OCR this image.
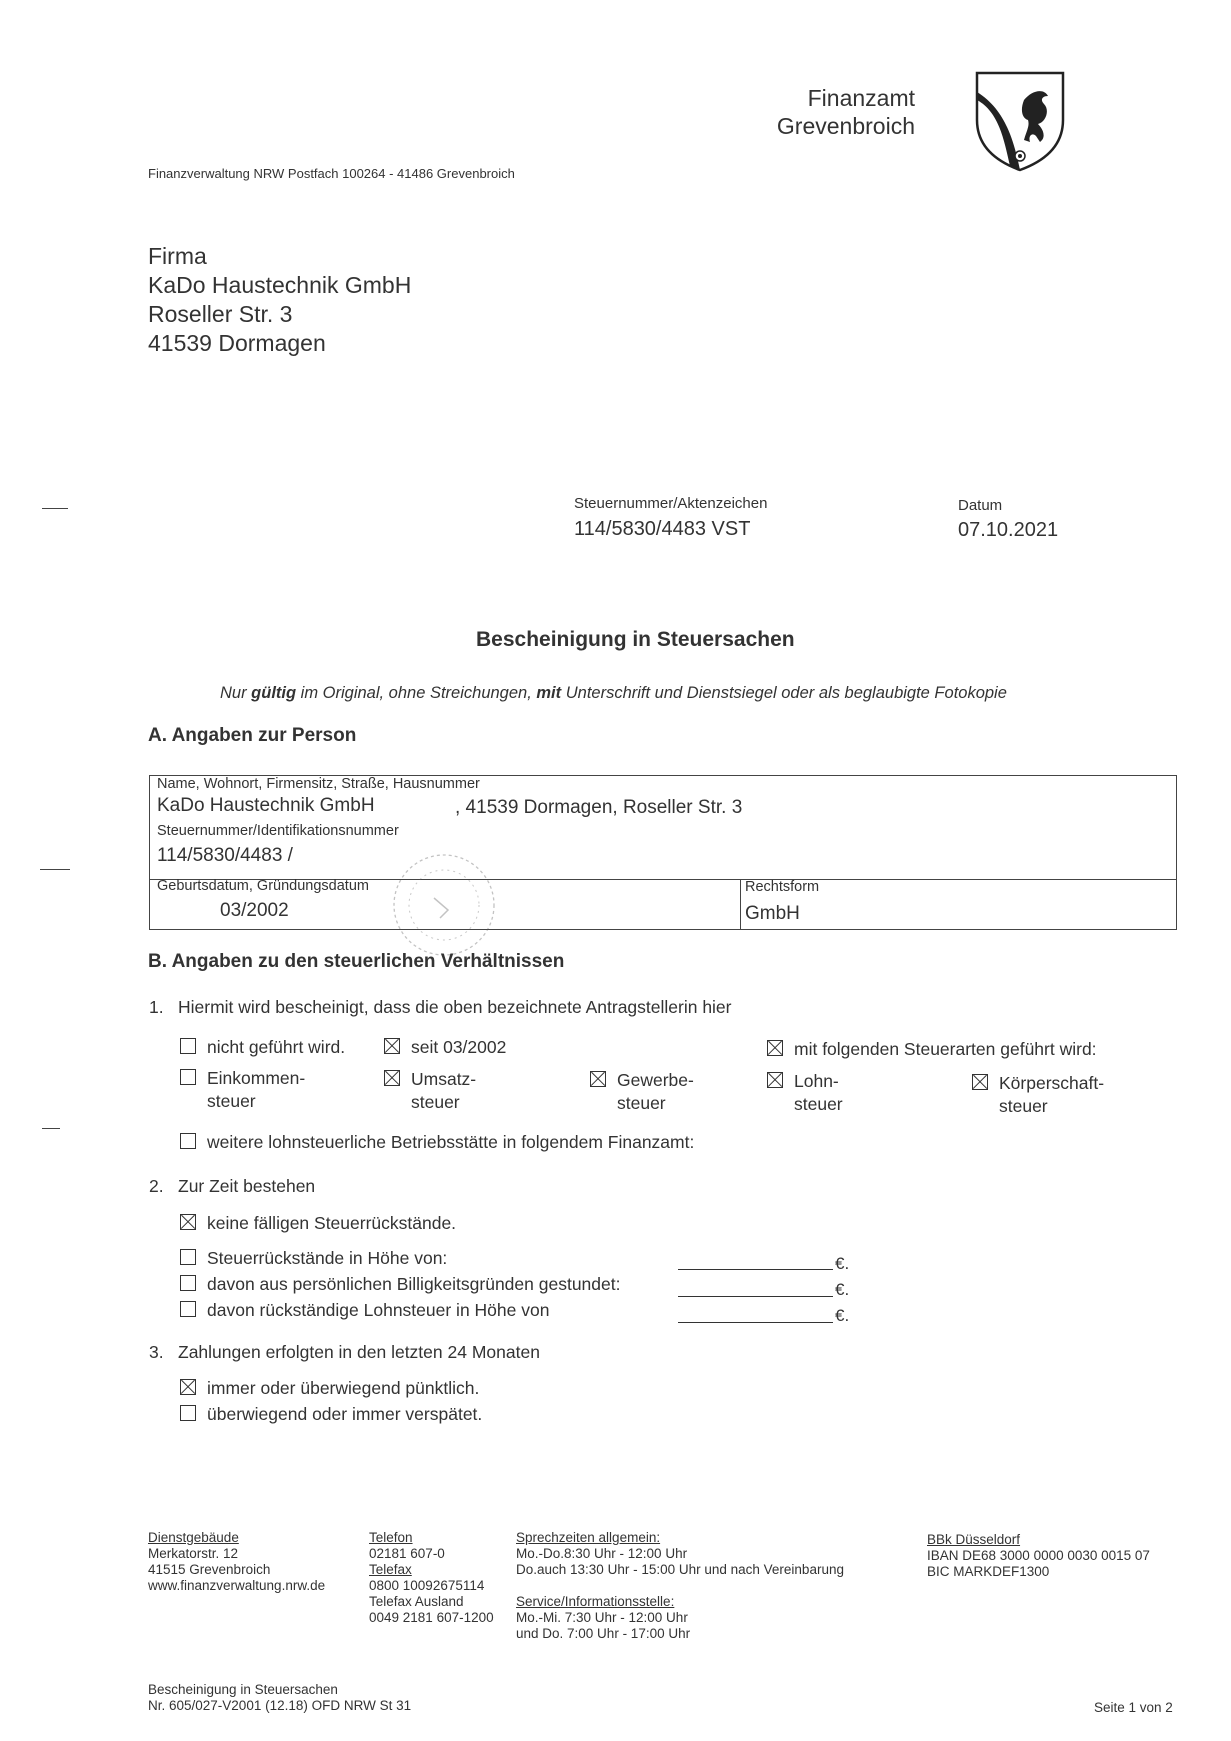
Finanzamt
Grevenbroich
Finanzverwaltung NRW Postfach 100264 - 41486 Grevenbroich
Firma
KaDo Haustechnik GmbH
Roseller Str. 3
41539 Dormagen
Steuernummer/Aktenzeichen
114/5830/4483 VST
Datum
07.10.2021
Bescheinigung in Steuersachen
Nur gültig im Original, ohne Streichungen, mit Unterschrift und Dienstsiegel oder als beglaubigte Fotokopie
A. Angaben zur Person
Name, Wohnort, Firmensitz, Straße, Hausnummer
KaDo Haustechnik GmbH	, 41539 Dormagen, Roseller Str. 3
Steuernummer/Identifikationsnummer
114/5830/4483 /
Geburtsdatum, Gründungsdatum
03/2002
Rechtsform
GmbH
B. Angaben zu den steuerlichen Verhältnissen
1. Hiermit wird bescheinigt, dass die oben bezeichnete Antragstellerin hier
nicht geführt wird.	seit 03/2002	mit folgenden Steuerarten geführt wird:
Einkommen-
steuer
Umsatz-
steuer
Gewerbe-
steuer
Lohn-
steuer
Körperschaft-
steuer
weitere lohnsteuerliche Betriebsstätte in folgendem Finanzamt:
2. Zur Zeit bestehen
keine fälligen Steuerrückstände.
Steuerrückstände in Höhe von:
davon aus persönlichen Billigkeitsgründen gestundet:
davon rückständige Lohnsteuer in Höhe von
€.
€.
€.
3. Zahlungen erfolgten in den letzten 24 Monaten
immer oder überwiegend pünktlich.
überwiegend oder immer verspätet.
Dienstgebäude
Merkatorstr. 12
41515 Grevenbroich
www.finanzverwaltung.nrw.de
Telefon
02181 607-0
Telefax
0800 10092675114
Telefax Ausland
0049 2181 607-1200
Sprechzeiten allgemein:
Mo.-Do.8:30 Uhr - 12:00 Uhr
Do.auch 13:30 Uhr - 15:00 Uhr und nach Vereinbarung
Service/Informationsstelle:
Mo.-Mi. 7:30 Uhr - 12:00 Uhr
und Do. 7:00 Uhr - 17:00 Uhr
BBk Düsseldorf
IBAN DE68 3000 0000 0030 0015 07
BIC MARKDEF1300
Bescheinigung in Steuersachen
Nr. 605/027-V2001 (12.18) OFD NRW St 31	Seite 1 von 2
